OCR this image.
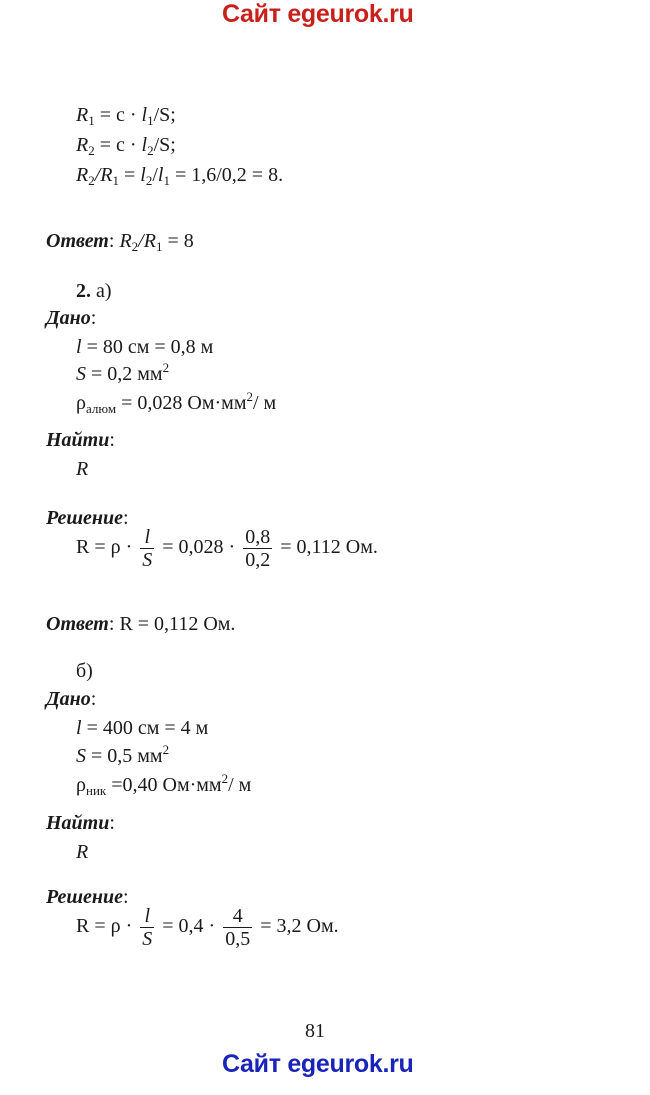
Сайт egeurok.ru
$R_1 = c \cdot l_1/S$;
$R_2 = c \cdot l_2/S$;
$R_2/R_1 = l_2/l_1 = 1,6/0,2 = 8$.
Ответ: $R_2/R_1 = 8$
2. а)
Дано:
l = 80 см = 0,8 м
S = 0,2 $мм^2$
$\rho_{алюм} = 0,028$ $Ом\cdot мм^2/$ м
Найти:
R
Решение:
$R = \rho \cdot \frac{l}{S} = 0,028 \cdot \frac{0,8}{0,2} = 0,112$ Ом.
Ответ: R = 0,112 Ом.
б)
Дано:
l = 400 см = 4 м
S = 0,5 $мм^2$
$\rho_{ник} =0,40$ $Ом\cdot мм^2/$ м
Найти:
R
Решение:
$R = \rho \cdot \frac{l}{S} = 0,4 \cdot \frac{4}{0,5} = 3,2$ Ом.
81
Сайт egeurok.ru
